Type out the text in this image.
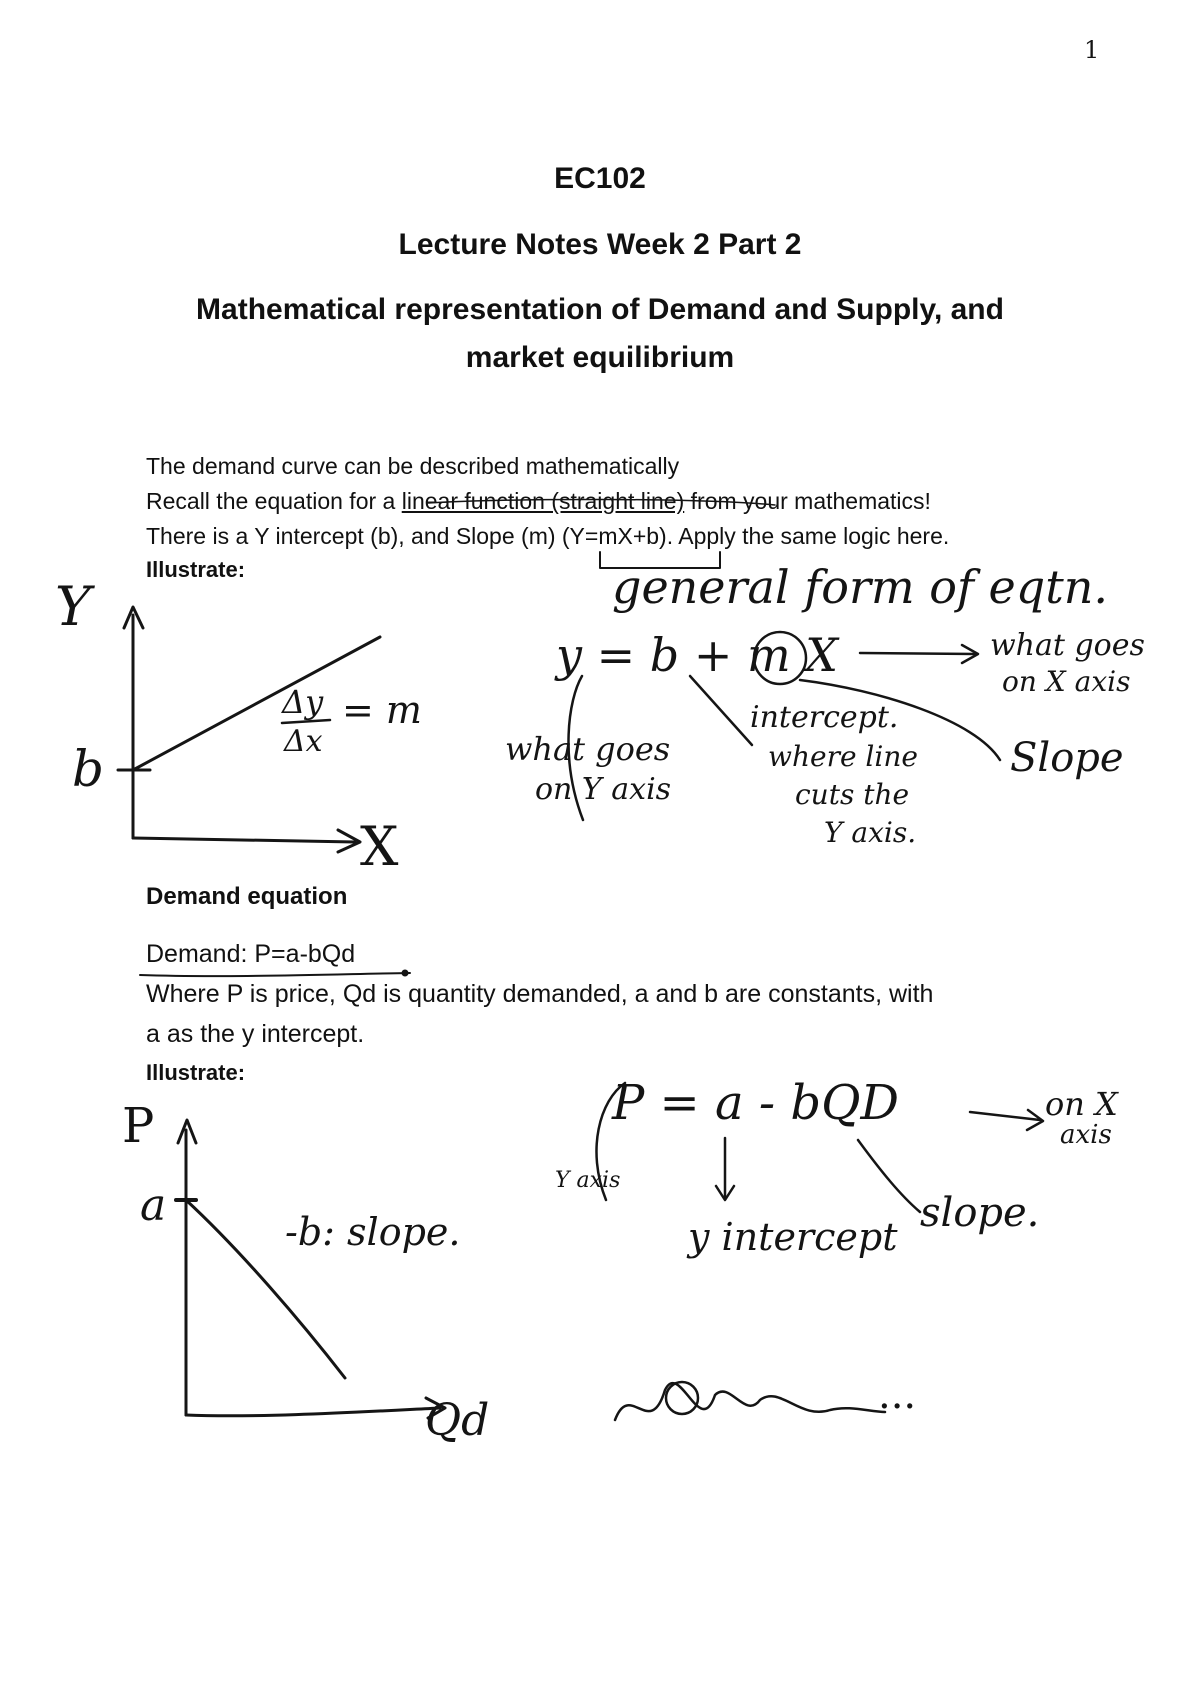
1
EC102
Lecture Notes Week 2 Part 2
Mathematical representation of Demand and Supply, and
market equilibrium
The demand curve can be described mathematically
Recall the equation for a linear function (straight line) from your mathematics!
There is a Y intercept (b), and Slope (m) (Y=mX+b). Apply the same logic here.
Illustrate:
Y
X
b
Δy
Δx
= m
general form of eqtn.
y = b + m X	what goes
on X axis
what goes
on Y axis
intercept.
where line
cuts the
Y axis.
Slope
Demand equation
Demand: P=a-bQd
Where P is price, Qd is quantity demanded, a and b are constants, with
a as the y intercept.
Illustrate:
P
Qd
a
-b: slope.
P = a - bQD	on X
axis
Y axis
y intercept
slope.
...
